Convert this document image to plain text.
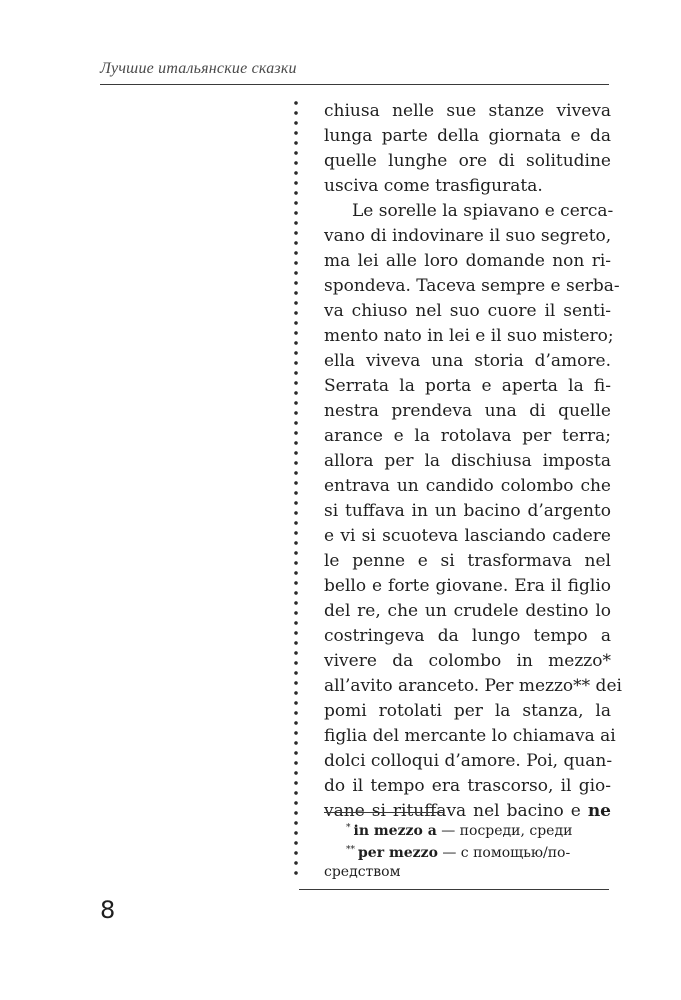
Лучшие итальянские сказки
chiusa nelle sue stanze viveva
lunga parte della giornata e da
quelle lunghe ore di solitudine
usciva come trasfigurata.
Le sorelle la spiavano e cerca-
vano di indovinare il suo segreto,
ma lei alle loro domande non ri-
spondeva. Taceva sempre e serba-
va chiuso nel suo cuore il senti-
mento nato in lei e il suo mistero;
ella viveva una storia d’amore.
Serrata la porta e aperta la fi-
nestra prendeva una di quelle
arance e la rotolava per terra;
allora per la dischiusa imposta
entrava un candido colombo che
si tuffava in un bacino d’argento
e vi si scuoteva lasciando cadere
le penne e si trasformava nel
bello e forte giovane. Era il figlio
del re, che un crudele destino lo
costringeva da lungo tempo a
vivere da colombo in mezzo*
all’avito aranceto. Per mezzo** dei
pomi rotolati per la stanza, la
figlia del mercante lo chiamava ai
dolci colloqui d’amore. Poi, quan-
do il tempo era trascorso, il gio-
vane si rituffava nel bacino e ne
* in mezzo a — посреди, среди
** per mezzo — с помощью/по-
средством
8
